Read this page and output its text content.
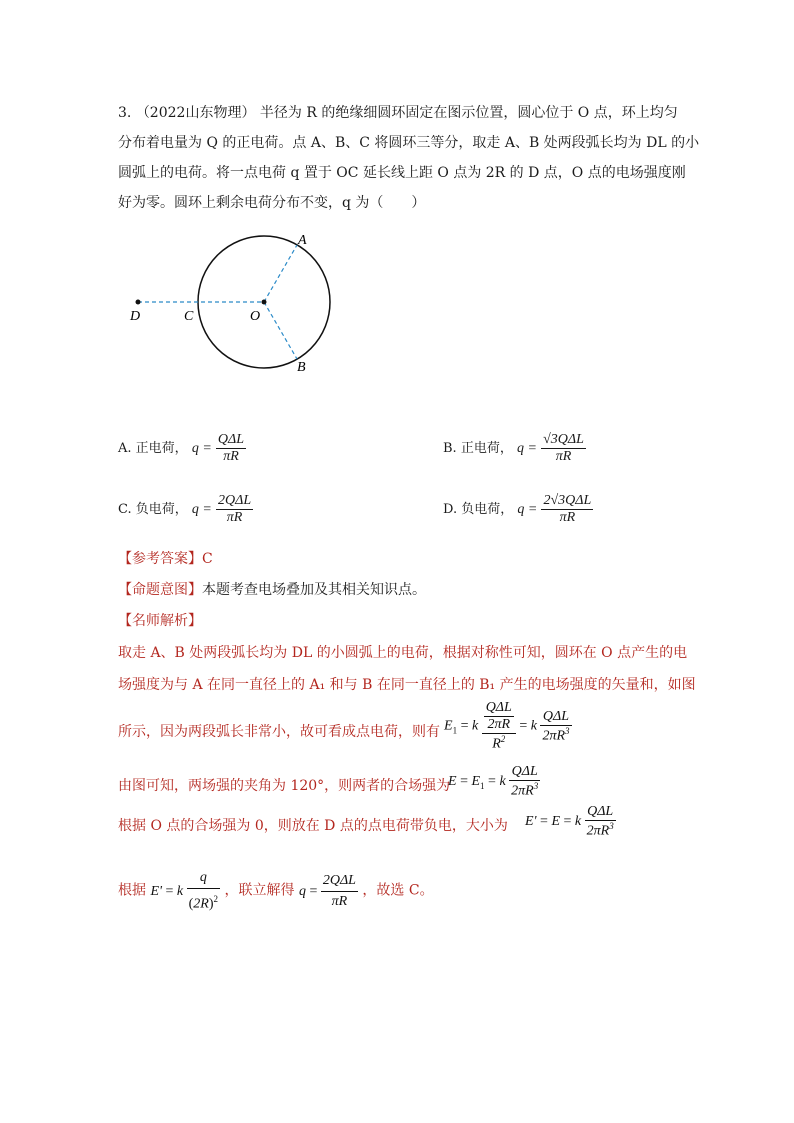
3. （2022山东物理） 半径为 R 的绝缘细圆环固定在图示位置，圆心位于 O 点，环上均匀
分布着电量为 Q 的正电荷。点 A、B、C 将圆环三等分，取走 A、B 处两段弧长均为 DL 的小
圆弧上的电荷。将一点电荷 q 置于 OC 延长线上距 O 点为 2R 的 D 点，O 点的电场强度刚
好为零。圆环上剩余电荷分布不变，q 为（　　）
A
B
C
D	O
A. 正电荷， $q = \frac{\text{QΔL}}{\pi R}$	B. 正电荷， $q = \frac{\text{√3QΔL}}{\pi R}$
C. 负电荷， $q = \frac{\text{2QΔL}}{\pi R}$	D. 负电荷， $q = \frac{\text{2√3QΔL}}{\pi R}$
【参考答案】C
【命题意图】本题考查电场叠加及其相关知识点。
【名师解析】
取走 A、B 处两段弧长均为 DL 的小圆弧上的电荷，根据对称性可知，圆环在 O 点产生的电
场强度为与 A 在同一直径上的 A₁ 和与 B 在同一直径上的 B₁ 产生的电场强度的矢量和，如图
所示，因为两段弧长非常小，故可看成点电荷，则有 $E_1 = k \frac{\frac{\text{QΔL}}{2\pi R}}{R^2} = k \frac{\text{QΔL}}{2\pi R^3}$
由图可知，两场强的夹角为 120°，则两者的合场强为
$E = E_1 = k \frac{\text{QΔL}}{2\pi R^3}$
根据 O 点的合场强为 0，则放在 D 点的点电荷带负电，大小为 E' = E = k $\frac{\text{QΔL}}{2\pi R^3}$
根据 E' = k $\frac{q}{(2R)^2}$ ，联立解得 $q = \frac{\text{2QΔL}}{\pi R}$ ，故选 C。
